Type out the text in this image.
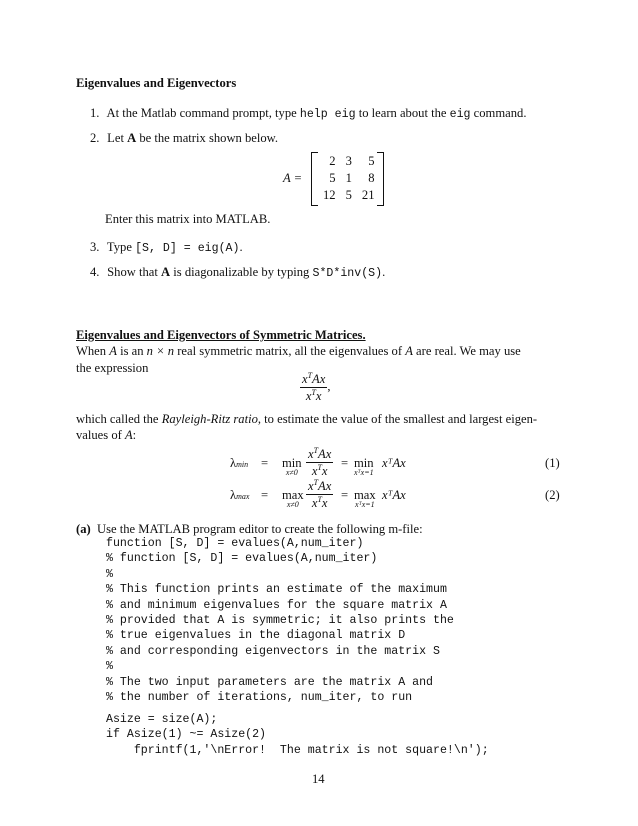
Eigenvalues and Eigenvectors
1. At the Matlab command prompt, type help eig to learn about the eig command.
2. Let A be the matrix shown below.
A =
2	3	5
5	1	8
12	5	21
Enter this matrix into MATLAB.
3. Type [S, D] = eig(A).
4. Show that A is diagonalizable by typing S*D*inv(S).
Eigenvalues and Eigenvectors of Symmetric Matrices.
When A is an n × n real symmetric matrix, all the eigenvalues of A are real. We may use
the expression
$\frac{x^TAx}{x^Tx}$ ,
which called the Rayleigh-Ritz ratio, to estimate the value of the smallest and largest eigen-
values of A:
λmin = min
$x\ne 0 \frac{x^TAx}{x^Tx} = \min$
xᵀx=1
xᵀAx	(1)
λmax = max
$x\ne 0 \frac{x^TAx}{x^Tx} = \max$
xᵀx=1
xᵀAx	(2)
(a) Use the MATLAB program editor to create the following m-file:
function [S, D] = evalues(A,num_iter)
% function [S, D] = evalues(A,num_iter)
%
% This function prints an estimate of the maximum
% and minimum eigenvalues for the square matrix A
% provided that A is symmetric; it also prints the
% true eigenvalues in the diagonal matrix D
% and corresponding eigenvectors in the matrix S
%
% The two input parameters are the matrix A and
% the number of iterations, num_iter, to run
Asize = size(A);
if Asize(1) ~= Asize(2)
fprintf(1,'\nError!  The matrix is not square!\n');
14
